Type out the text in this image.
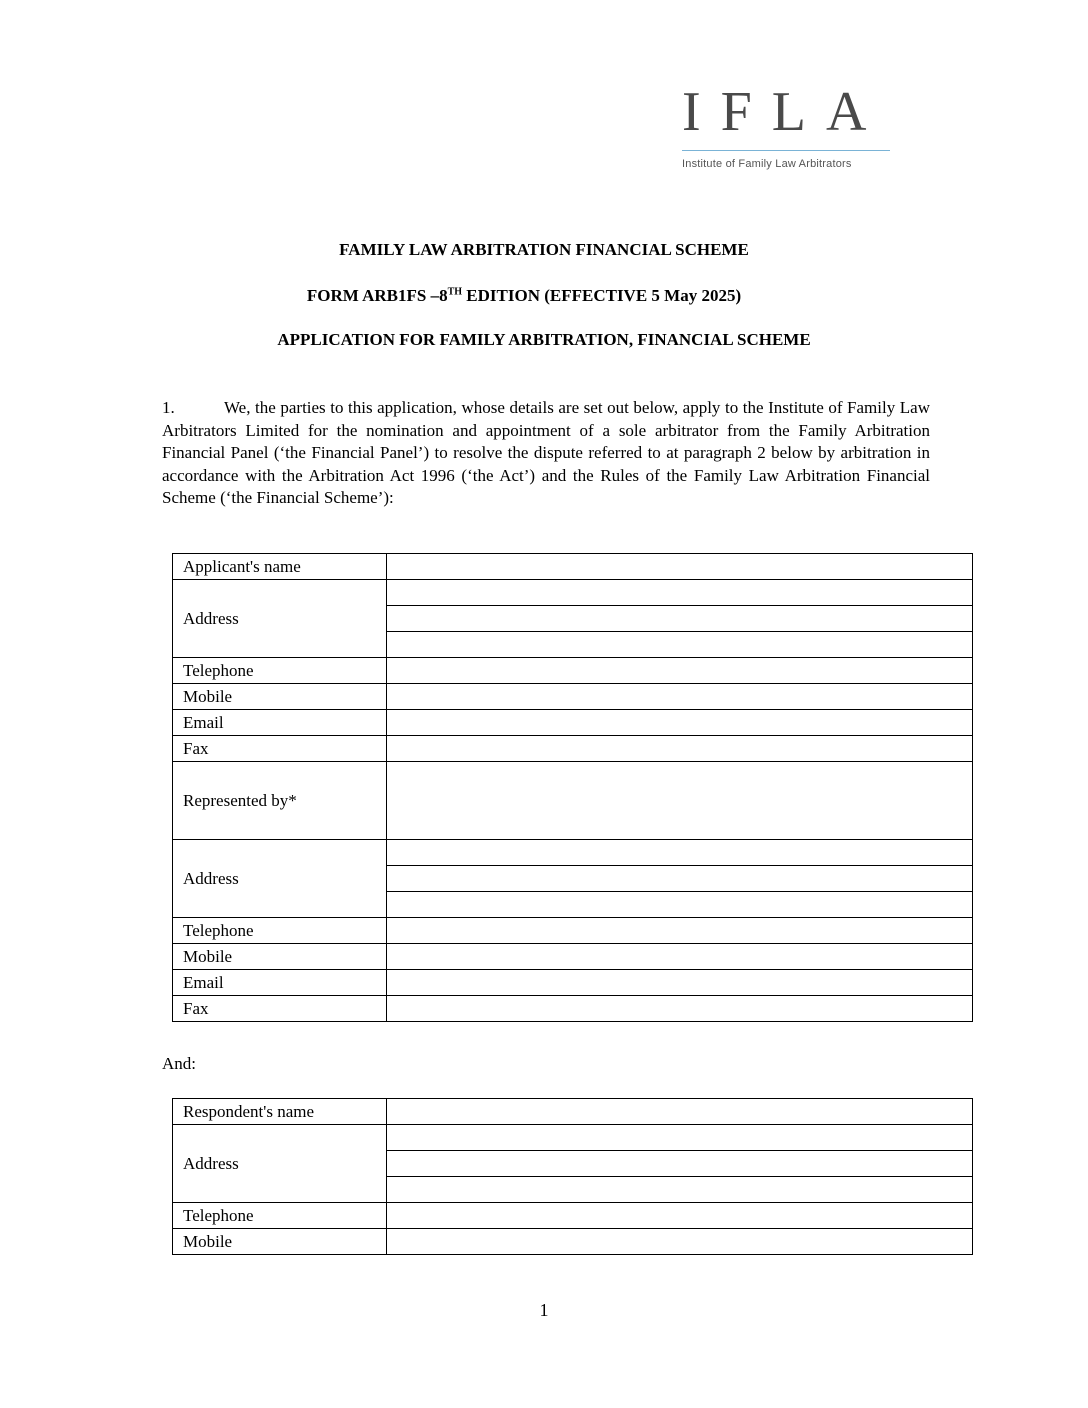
IFLA
Institute of Family Law Arbitrators
FAMILY LAW ARBITRATION FINANCIAL SCHEME
FORM ARB1FS –8TH EDITION (EFFECTIVE 5 May 2025)
APPLICATION FOR FAMILY ARBITRATION, FINANCIAL SCHEME
1.	We, the parties to this application, whose details are set out below, apply to the Institute of Family Law Arbitrators Limited for the nomination and appointment of a sole arbitrator from the Family Arbitration Financial Panel (‘the Financial Panel’) to resolve the dispute referred to at paragraph 2 below by arbitration in accordance with the Arbitration Act 1996 (‘the Act’) and the Rules of the Family Law Arbitration Financial Scheme (‘the Financial Scheme’):
Applicant's name	
Address	

Telephone	
Mobile	
Email	
Fax	
Represented by*	
Address	

Telephone	
Mobile	
Email	
Fax	
And:
Respondent's name	
Address	

Telephone	
Mobile	
1
